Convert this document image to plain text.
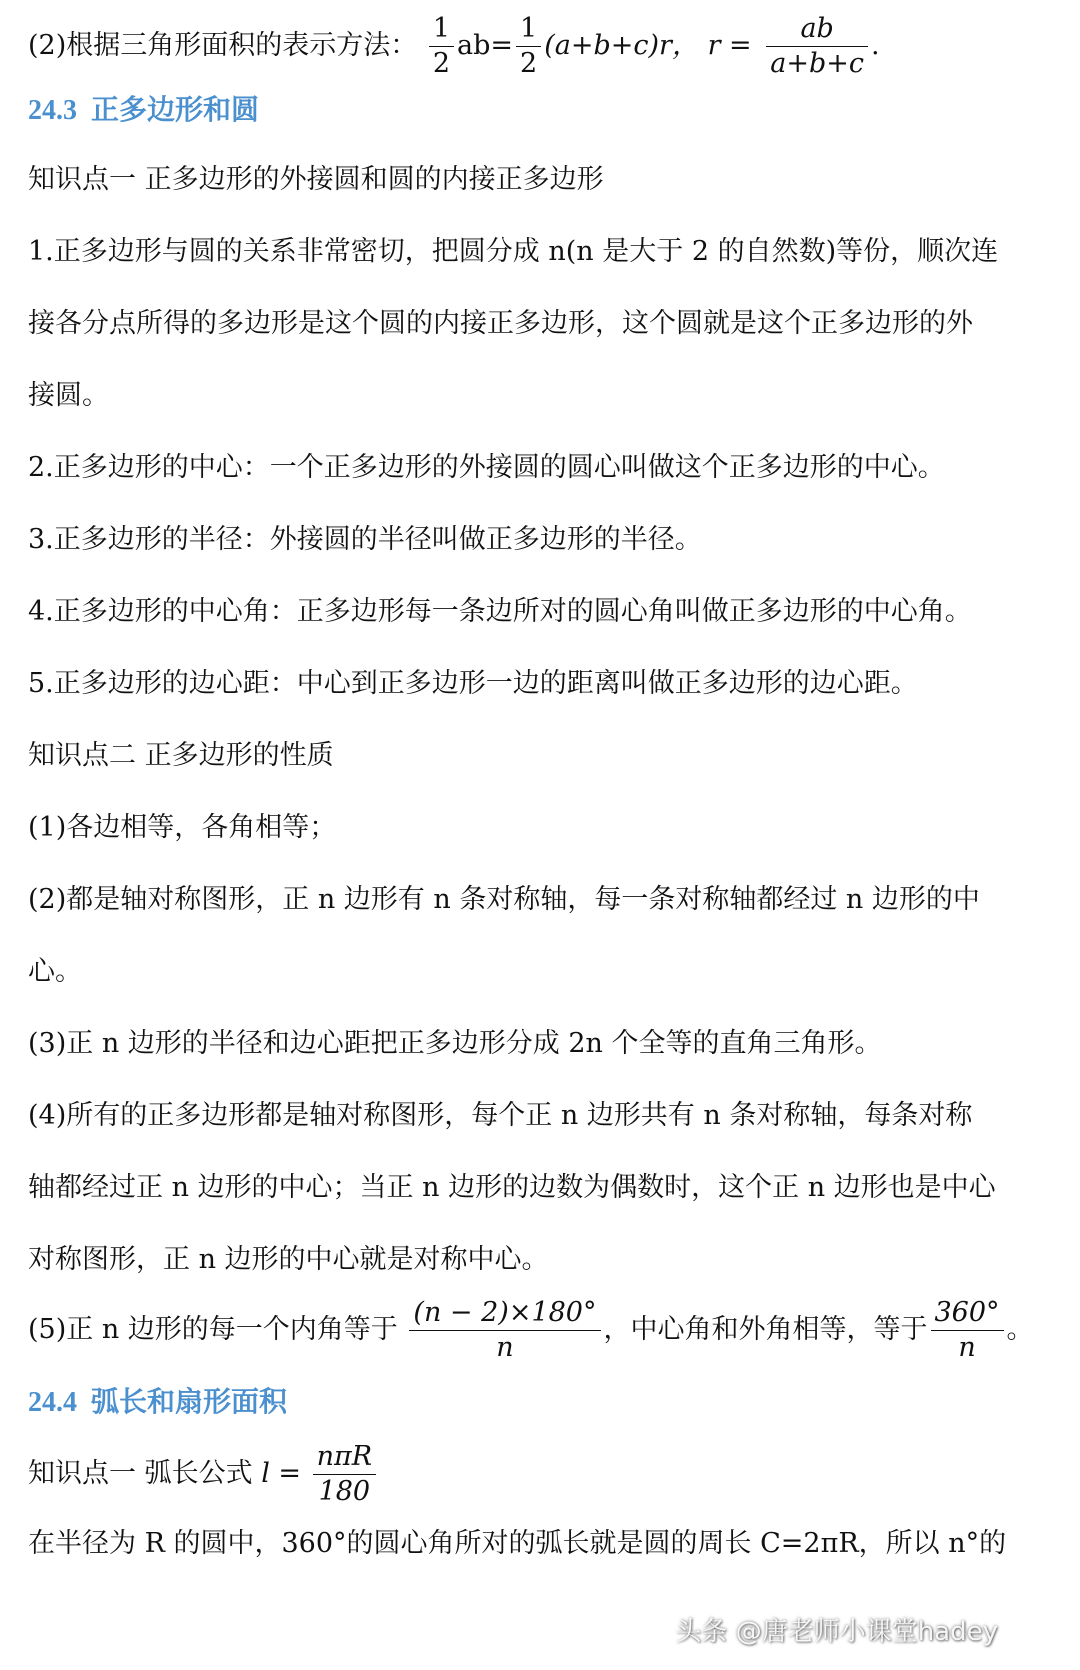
(2)根据三角形面积的表示方法： $\frac{1}{2} ab= \frac{1}{2} (a+b+c)r$， $r = \frac{ab}{a+b+c}$ .
24.3 正多边形和圆
知识点一 正多边形的外接圆和圆的内接正多边形
1.正多边形与圆的关系非常密切，把圆分成 n(n 是大于 2 的自然数)等份，顺次连
接各分点所得的多边形是这个圆的内接正多边形，这个圆就是这个正多边形的外
接圆。
2.正多边形的中心：一个正多边形的外接圆的圆心叫做这个正多边形的中心。
3.正多边形的半径：外接圆的半径叫做正多边形的半径。
4.正多边形的中心角：正多边形每一条边所对的圆心角叫做正多边形的中心角。
5.正多边形的边心距：中心到正多边形一边的距离叫做正多边形的边心距。
知识点二 正多边形的性质
(1)各边相等，各角相等；
(2)都是轴对称图形，正 n 边形有 n 条对称轴，每一条对称轴都经过 n 边形的中
心。
(3)正 n 边形的半径和边心距把正多边形分成 2n 个全等的直角三角形。
(4)所有的正多边形都是轴对称图形，每个正 n 边形共有 n 条对称轴，每条对称
轴都经过正 n 边形的中心；当正 n 边形的边数为偶数时，这个正 n 边形也是中心
对称图形，正 n 边形的中心就是对称中心。
(5)正 n 边形的每一个内角等于 $\frac{(n - 2)\times 180^\circ}{n}$ ，中心角和外角相等，等于 $\frac{360^\circ}{n}$ 。
24.4 弧长和扇形面积
知识点一 弧长公式 $l = \frac{\text{nπR}}{180}$
在半径为 R 的圆中，360°的圆心角所对的弧长就是圆的周长 C=2πR，所以 n°的
头条 @唐老师小课堂hadey
